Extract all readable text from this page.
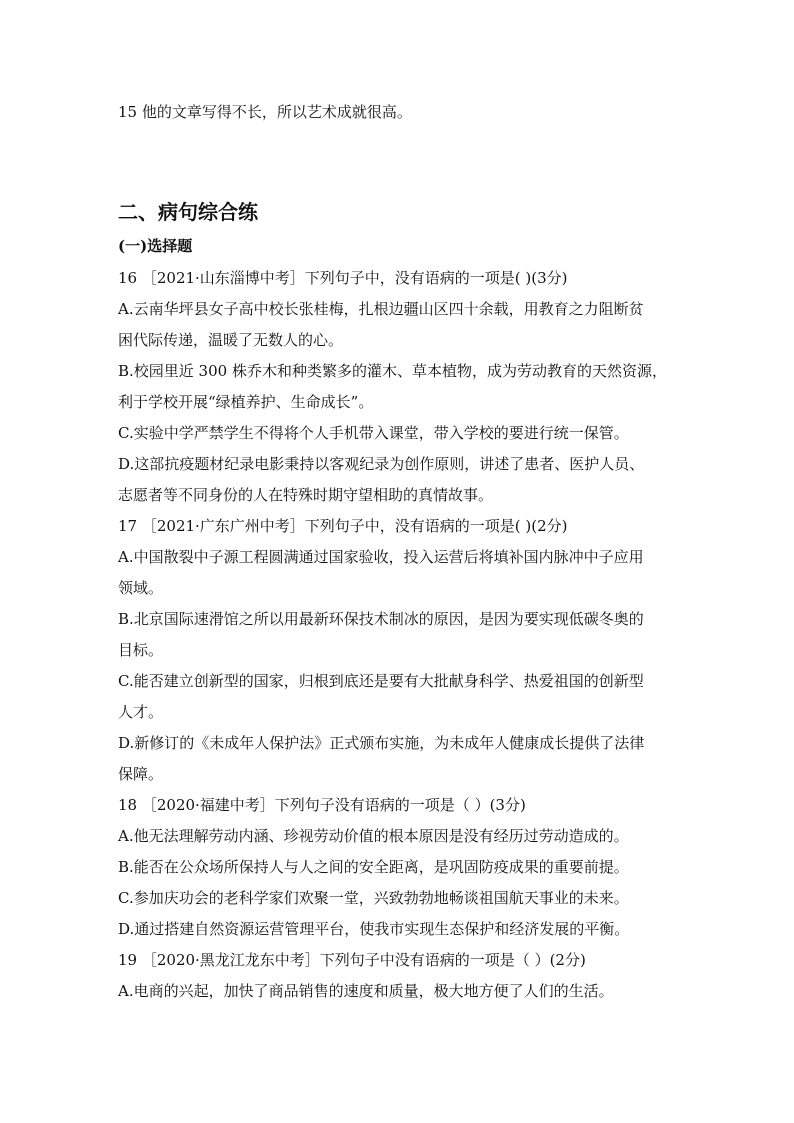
15 他的文章写得不长，所以艺术成就很高。
二、病句综合练
(一)选择题
16 ［2021·山东淄博中考］下列句子中，没有语病的一项是( )(3分)
A.云南华坪县女子高中校长张桂梅，扎根边疆山区四十余载，用教育之力阻断贫
困代际传递，温暖了无数人的心。
B.校园里近 300 株乔木和种类繁多的灌木、草本植物，成为劳动教育的天然资源，
利于学校开展“绿植养护、生命成长”。
C.实验中学严禁学生不得将个人手机带入课堂，带入学校的要进行统一保管。
D.这部抗疫题材纪录电影秉持以客观纪录为创作原则，讲述了患者、医护人员、
志愿者等不同身份的人在特殊时期守望相助的真情故事。
17 ［2021·广东广州中考］下列句子中，没有语病的一项是( )(2分)
A.中国散裂中子源工程圆满通过国家验收，投入运营后将填补国内脉冲中子应用
领域。
B.北京国际速滑馆之所以用最新环保技术制冰的原因，是因为要实现低碳冬奥的
目标。
C.能否建立创新型的国家，归根到底还是要有大批献身科学、热爱祖国的创新型
人才。
D.新修订的《未成年人保护法》正式颁布实施，为未成年人健康成长提供了法律
保障。
18 ［2020·福建中考］下列句子没有语病的一项是（ ）(3分)
A.他无法理解劳动内涵、珍视劳动价值的根本原因是没有经历过劳动造成的。
B.能否在公众场所保持人与人之间的安全距离，是巩固防疫成果的重要前提。
C.参加庆功会的老科学家们欢聚一堂，兴致勃勃地畅谈祖国航天事业的未来。
D.通过搭建自然资源运营管理平台，使我市实现生态保护和经济发展的平衡。
19 ［2020·黑龙江龙东中考］下列句子中没有语病的一项是（ ）(2分)
A.电商的兴起，加快了商品销售的速度和质量，极大地方便了人们的生活。
